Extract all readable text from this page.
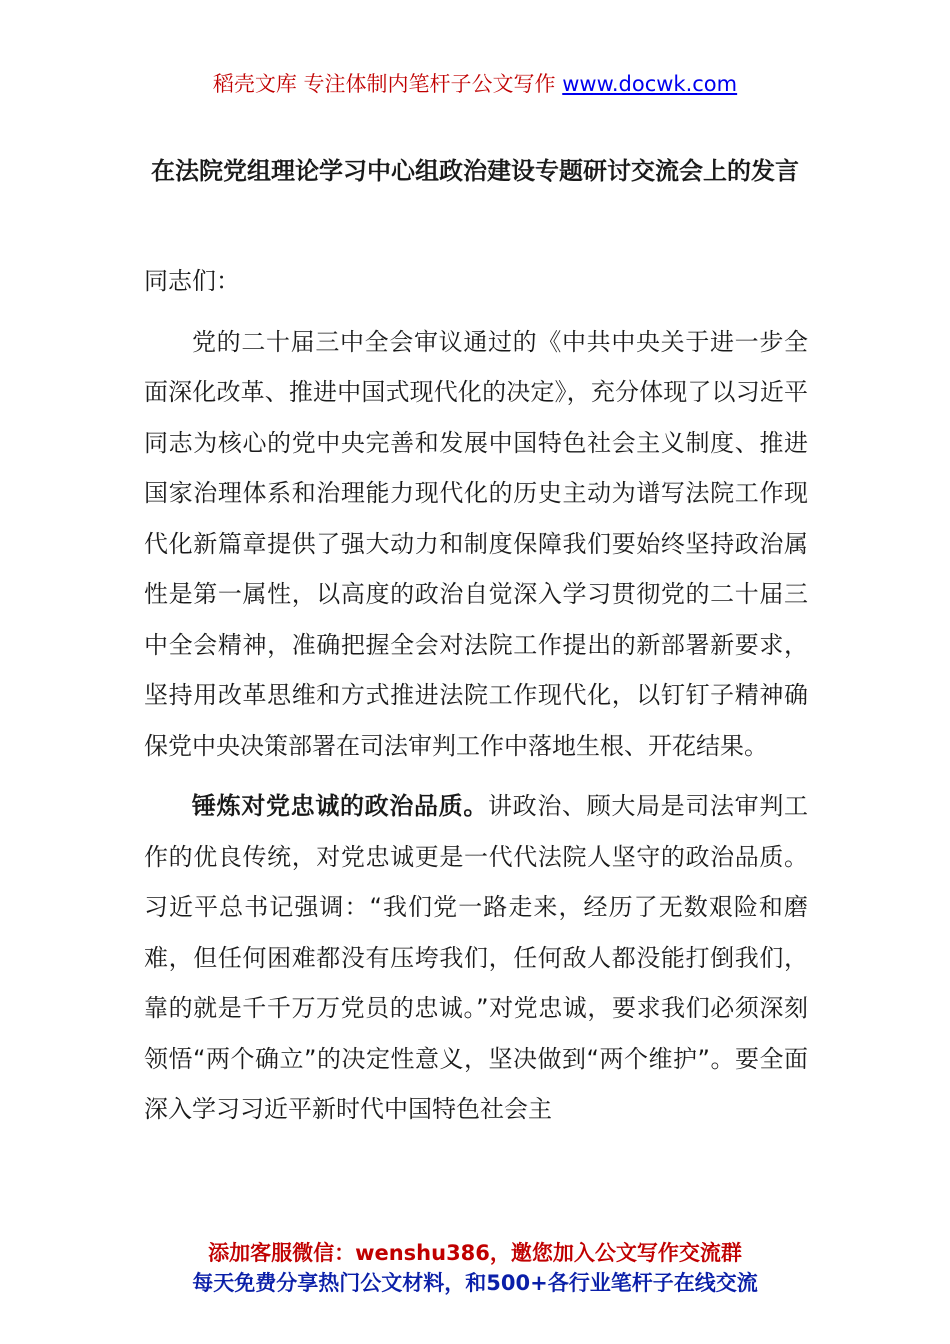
稻壳文库 专注体制内笔杆子公文写作 www.docwk.com
在法院党组理论学习中心组政治建设专题研讨交流会上的发言

同志们：

党的二十届三中全会审议通过的《中共中央关于进一步全面深化改革、推进中国式现代化的决定》，充分体现了以习近平同志为核心的党中央完善和发展中国特色社会主义制度、推进国家治理体系和治理能力现代化的历史主动为谱写法院工作现代化新篇章提供了强大动力和制度保障我们要始终坚持政治属性是第一属性，以高度的政治自觉深入学习贯彻党的二十届三中全会精神，准确把握全会对法院工作提出的新部署新要求，坚持用改革思维和方式推进法院工作现代化，以钉钉子精神确保党中央决策部署在司法审判工作中落地生根、开花结果。

锤炼对党忠诚的政治品质。讲政治、顾大局是司法审判工作的优良传统，对党忠诚更是一代代法院人坚守的政治品质。习近平总书记强调：“我们党一路走来，经历了无数艰险和磨难，但任何困难都没有压垮我们，任何敌人都没能打倒我们，靠的就是千千万万党员的忠诚。”对党忠诚，要求我们必须深刻领悟“两个确立”的决定性意义，坚决做到“两个维护”。要全面深入学习习近平新时代中国特色社会主

添加客服微信：wenshu386，邀您加入公文写作交流群
每天免费分享热门公文材料，和500+各行业笔杆子在线交流
